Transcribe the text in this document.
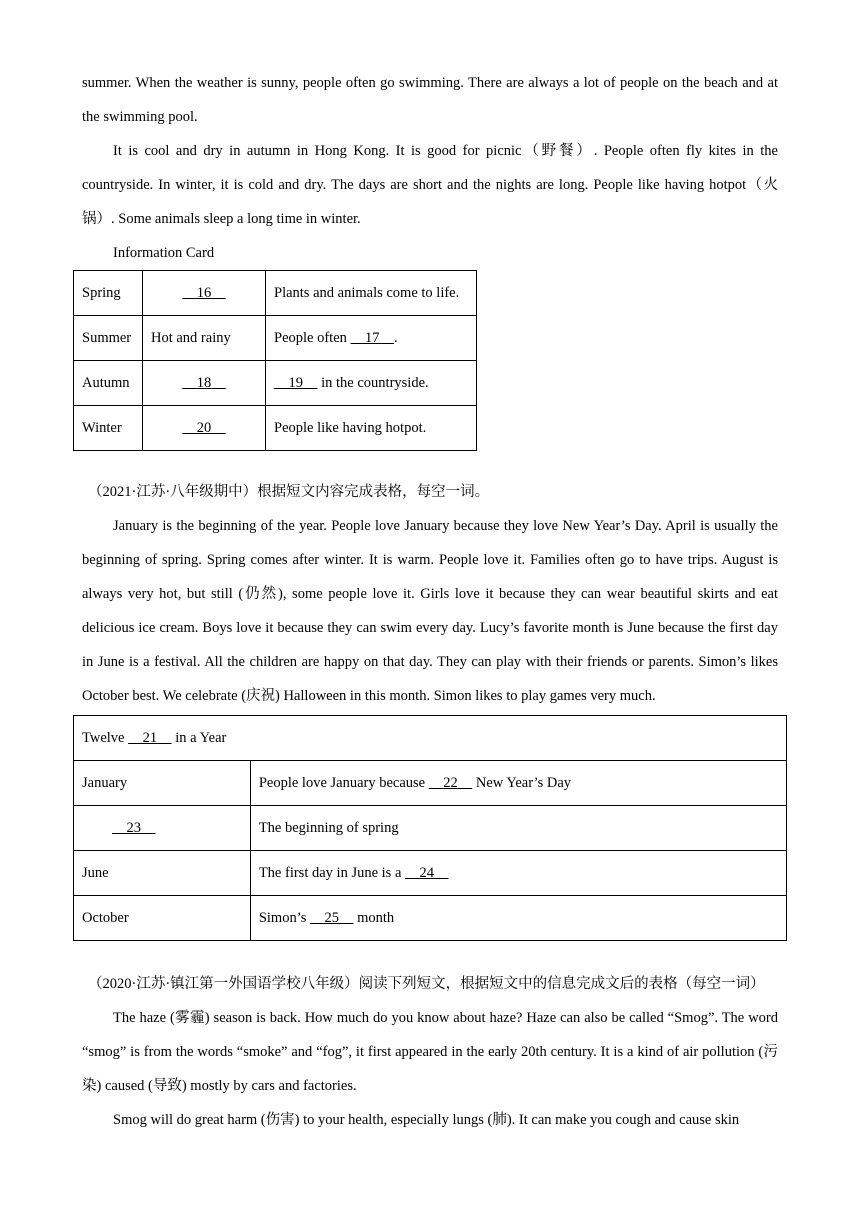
summer. When the weather is sunny, people often go swimming. There are always a lot of people on the beach and at the swimming pool.

It is cool and dry in autumn in Hong Kong. It is good for picnic（野餐）. People often fly kites in the countryside. In winter, it is cold and dry. The days are short and the nights are long. People like having hotpot（火锅）. Some animals sleep a long time in winter.

Information Card
Spring	16	Plants and animals come to life.
Summer	Hot and rainy	People often     17 .
Autumn	18	19     in the countryside.
Winter	20	People like having hotpot.
（2021·江苏·八年级期中）根据短文内容完成表格，每空一词。

January is the beginning of the year. People love January because they love New Year’s Day. April is usually the beginning of spring. Spring comes after winter. It is warm. People love it. Families often go to have trips. August is always very hot, but still (仍然), some people love it. Girls love it because they can wear beautiful skirts and eat delicious ice cream. Boys love it because they can swim every day. Lucy’s favorite month is June because the first day in June is a festival. All the children are happy on that day. They can play with their friends or parents. Simon’s likes October best. We celebrate (庆祝) Halloween in this month. Simon likes to play games very much.

Twelve     21     in a Year	
January	People love January because     22     New Year’s Day
23	The beginning of spring
June	The first day in June is a     24
October	Simon’s     25     month
（2020·江苏·镇江第一外国语学校八年级）阅读下列短文，根据短文中的信息完成文后的表格（每空一词）

The haze (雾霾) season is back. How much do you know about haze? Haze can also be called “Smog”. The word “smog” is from the words “smoke” and “fog”, it first appeared in the early 20th century. It is a kind of air pollution (污染) caused (导致) mostly by cars and factories.

Smog will do great harm (伤害) to your health, especially lungs (肺). It can make you cough and cause skin
